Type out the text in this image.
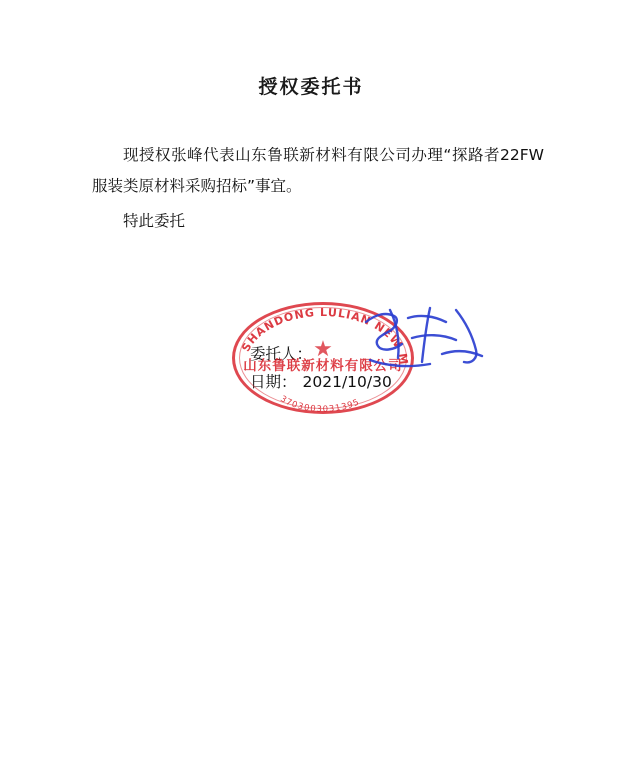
授权委托书

现授权张峰代表山东鲁联新材料有限公司办理“探路者22FW 服装类原材料采购招标”事宜。

特此委托

委托人：
日期： 2021/10/30
SHANDONG LULIAN NEW MATERIAL COMPANY
山东鲁联新材料有限公司
3703003031395
★
